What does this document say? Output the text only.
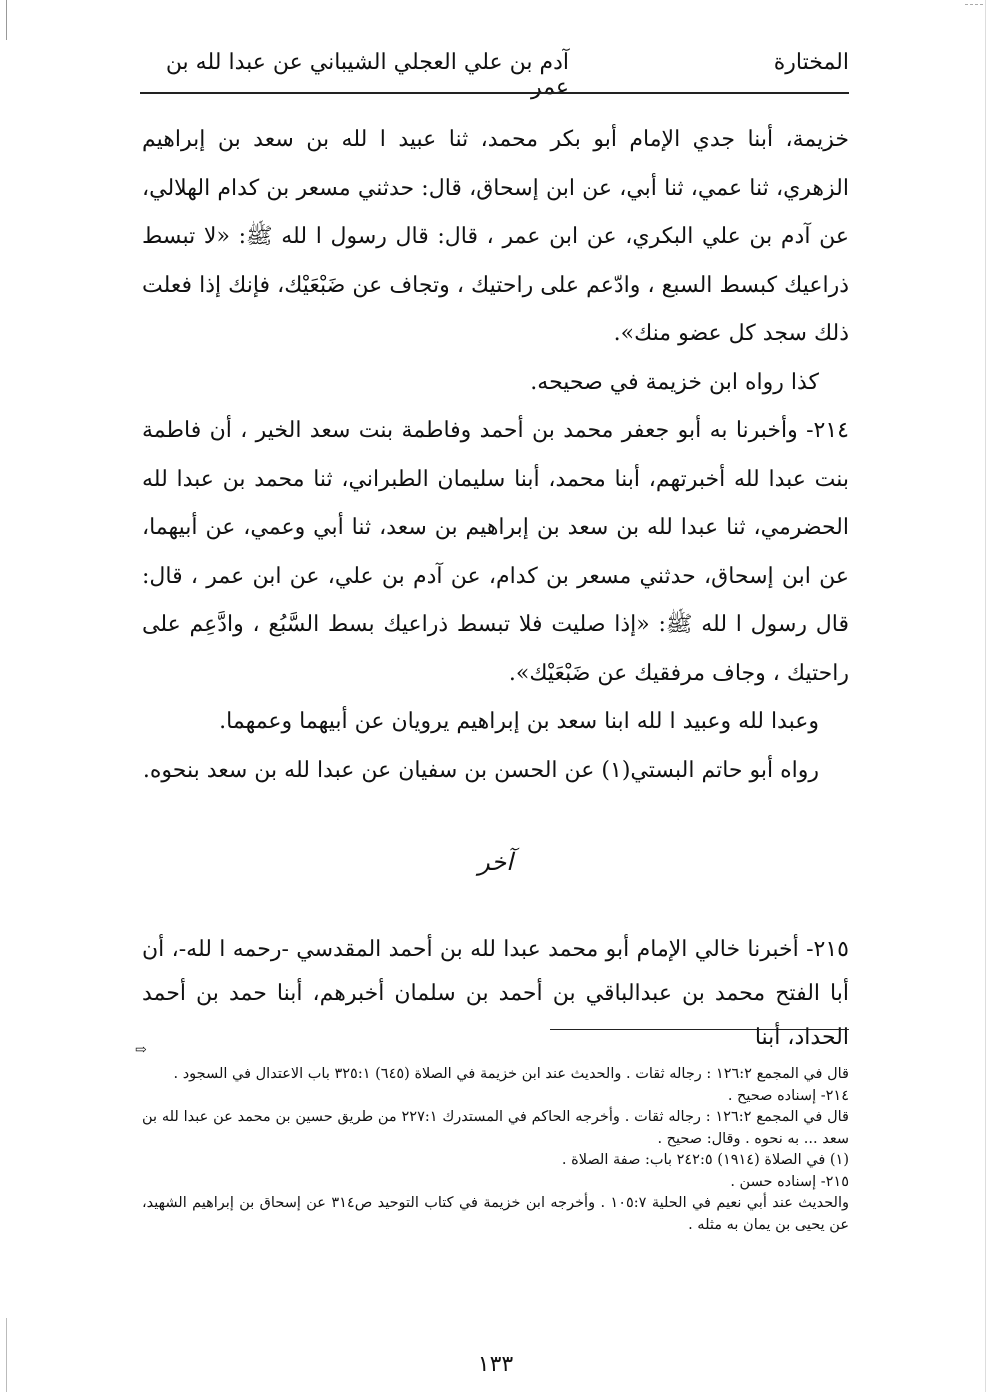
المختارة
آدم بن علي العجلي الشيباني عن عبدا لله بن عمر

خزيمة، أبنا جدي الإمام أبو بكر محمد، ثنا عبيد ا لله بن سعد بن إبراهيم الزهري، ثنا عمي، ثنا أبي، عن ابن إسحاق، قال: حدثني مسعر بن كدام الهلالي، عن آدم بن علي البكري، عن ابن عمر ، قال: قال رسول ا لله ﷺ: «لا تبسط ذراعيك كبسط السبع ، وادّعم على راحتيك ، وتجاف عن ضَبْعَيْك، فإنك إذا فعلت ذلك سجد كل عضو منك».

كذا رواه ابن خزيمة في صحيحه.

٢١٤- وأخبرنا به أبو جعفر محمد بن أحمد وفاطمة بنت سعد الخير ، أن فاطمة بنت عبدا لله أخبرتهم، أبنا محمد، أبنا سليمان الطبراني، ثنا محمد بن عبدا لله الحضرمي، ثنا عبدا لله بن سعد بن إبراهيم بن سعد، ثنا أبي وعمي، عن أبيهما، عن ابن إسحاق، حدثني مسعر بن كدام، عن آدم بن علي، عن ابن عمر ، قال: قال رسول ا لله ﷺ: «إذا صليت فلا تبسط ذراعيك بسط السَّبُع ، وادَّعِم على راحتيك ، وجاف مرفقيك عن ضَبْعَيْك».

وعبدا لله وعبيد ا لله ابنا سعد بن إبراهيم يرويان عن أبيهما وعمهما.

رواه أبو حاتم البستي(١) عن الحسن بن سفيان عن عبدا لله بن سعد بنحوه.

آخر

٢١٥- أخبرنا خالي الإمام أبو محمد عبدا لله بن أحمد المقدسي -رحمه ا لله-، أن أبا الفتح محمد بن عبدالباقي بن أحمد بن سلمان أخبرهم، أبنا حمد بن أحمد الحداد، أبنا

⇨

قال في المجمع ١٢٦:٢ : رجاله ثقات . والحديث عند ابن خزيمة في الصلاة (٦٤٥) ٣٢٥:١ باب الاعتدال في السجود .

٢١٤- إسناده صحيح .

قال في المجمع ١٢٦:٢ : رجاله ثقات . وأخرجه الحاكم في المستدرك ٢٢٧:١ من طريق حسين بن محمد عن عبدا لله بن سعد ... به نحوه . وقال: صحيح .

(١) في الصلاة (١٩١٤) ٢٤٢:٥ باب: صفة الصلاة .

٢١٥- إسناده حسن .

والحديث عند أبي نعيم في الحلية ١٠٥:٧ . وأخرجه ابن خزيمة في كتاب التوحيد ص٣١٤ عن إسحاق بن إبراهيم الشهيد، عن يحيى بن يمان به مثله .

١٣٣
